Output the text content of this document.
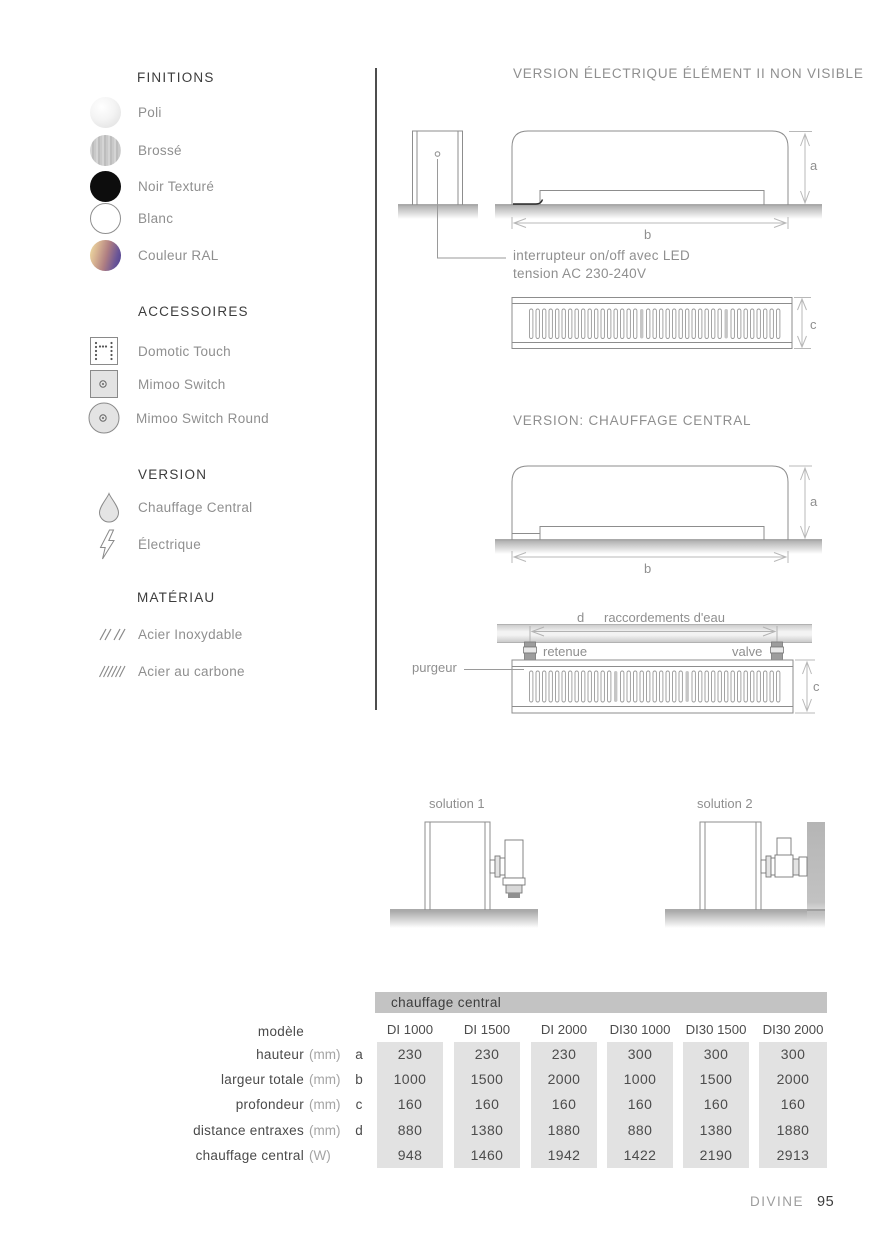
FINITIONS
Poli
Brossé
Noir Texturé
Blanc
Couleur RAL
ACCESSOIRES
Domotic Touch
Mimoo Switch
Mimoo Switch Round
VERSION
Chauffage Central
Électrique
MATÉRIAU
Acier Inoxydable
Acier au carbone
VERSION ÉLECTRIQUE ÉLÉMENT II NON VISIBLE
a
b
interrupteur on/off avec LED
tension AC 230-240V
c
VERSION: CHAUFFAGE CENTRAL
a
b
d raccordements d'eau
retenue	valve
purgeur
c
solution 1	solution 2
chauffage central
modèle
hauteur (mm)
largeur totale (mm)
profondeur (mm)
distance entraxes (mm)
chauffage central (W)
a
b
c
d
DI 1000
230
1000
160
880
948
DI 1500
230
1500
160
1380
1460
DI 2000
230
2000
160
1880
1942
DI30 1000
300
1000
160
880
1422
DI30 1500
300
1500
160
1380
2190
DI30 2000
300
2000
160
1880
2913
DIVINE 95
